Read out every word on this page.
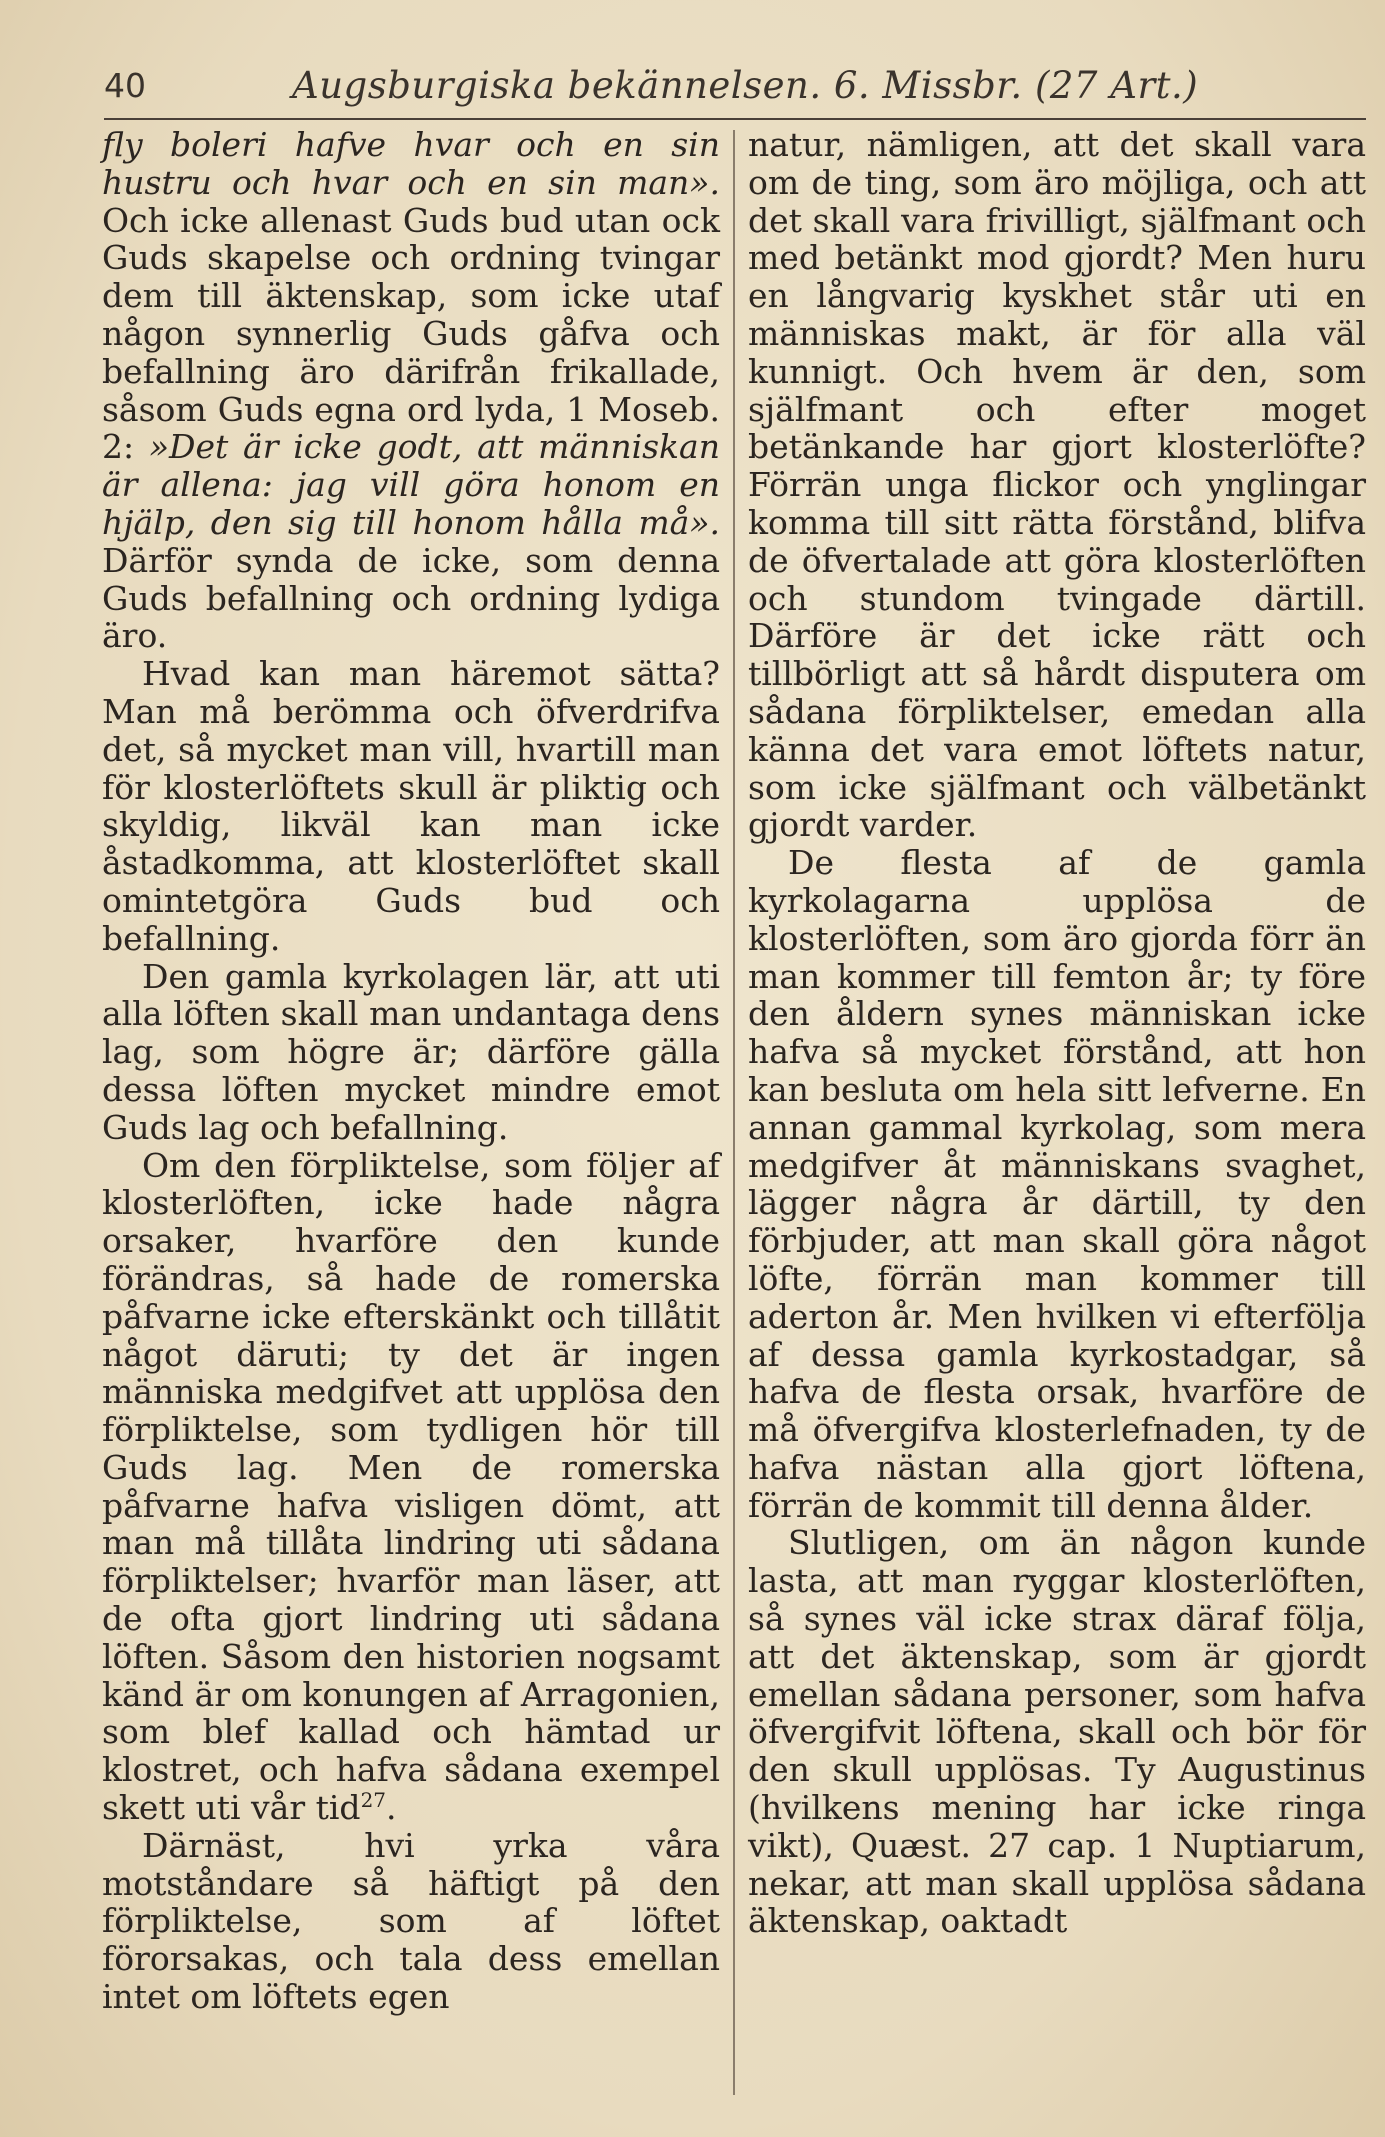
40	Augsburgiska bekännelsen. 6. Missbr. (27 Art.)

fly boleri hafve hvar och en sin hustru och hvar och en sin man». Och icke allenast Guds bud utan ock Guds skapelse och ordning tvingar dem till äktenskap, som icke utaf någon synnerlig Guds gåfva och befallning äro därifrån frikallade, såsom Guds egna ord lyda, 1 Moseb. 2: »Det är icke godt, att människan är allena: jag vill göra honom en hjälp, den sig till honom hålla må». Därför synda de icke, som denna Guds befallning och ordning lydiga äro.

Hvad kan man häremot sätta? Man må berömma och öfverdrifva det, så mycket man vill, hvartill man för klosterlöftets skull är pliktig och skyldig, likväl kan man icke åstadkomma, att klosterlöftet skall omintetgöra Guds bud och befallning.

Den gamla kyrkolagen lär, att uti alla löften skall man undantaga dens lag, som högre är; därföre gälla dessa löften mycket mindre emot Guds lag och befallning.

Om den förpliktelse, som följer af klosterlöften, icke hade några orsaker, hvarföre den kunde förändras, så hade de romerska påfvarne icke efterskänkt och tillåtit något däruti; ty det är ingen människa medgifvet att upplösa den förpliktelse, som tydligen hör till Guds lag. Men de romerska påfvarne hafva visligen dömt, att man må tillåta lindring uti sådana förpliktelser; hvarför man läser, att de ofta gjort lindring uti sådana löften. Såsom den historien nogsamt känd är om konungen af Arragonien, som blef kallad och hämtad ur klostret, och hafva sådana exempel skett uti vår tid$^{27}$.

Därnäst, hvi yrka våra motståndare så häftigt på den förpliktelse, som af löftet förorsakas, och tala dess emellan intet om löftets egen

natur, nämligen, att det skall vara om de ting, som äro möjliga, och att det skall vara frivilligt, själfmant och med betänkt mod gjordt? Men huru en långvarig kyskhet står uti en människas makt, är för alla väl kunnigt. Och hvem är den, som själfmant och efter moget betänkande har gjort klosterlöfte? Förrän unga flickor och ynglingar komma till sitt rätta förstånd, blifva de öfvertalade att göra klosterlöften och stundom tvingade därtill. Därföre är det icke rätt och tillbörligt att så hårdt disputera om sådana förpliktelser, emedan alla känna det vara emot löftets natur, som icke själfmant och välbetänkt gjordt varder.

De flesta af de gamla kyrkolagarna upplösa de klosterlöften, som äro gjorda förr än man kommer till femton år; ty före den åldern synes människan icke hafva så mycket förstånd, att hon kan besluta om hela sitt lefverne. En annan gammal kyrkolag, som mera medgifver åt människans svaghet, lägger några år därtill, ty den förbjuder, att man skall göra något löfte, förrän man kommer till aderton år. Men hvilken vi efterfölja af dessa gamla kyrkostadgar, så hafva de flesta orsak, hvarföre de må öfvergifva klosterlefnaden, ty de hafva nästan alla gjort löftena, förrän de kommit till denna ålder.

Slutligen, om än någon kunde lasta, att man ryggar klosterlöften, så synes väl icke strax däraf följa, att det äktenskap, som är gjordt emellan sådana personer, som hafva öfvergifvit löftena, skall och bör för den skull upplösas. Ty Augustinus (hvilkens mening har icke ringa vikt), Quæst. 27 cap. 1 Nuptiarum, nekar, att man skall upplösa sådana äktenskap, oaktadt
